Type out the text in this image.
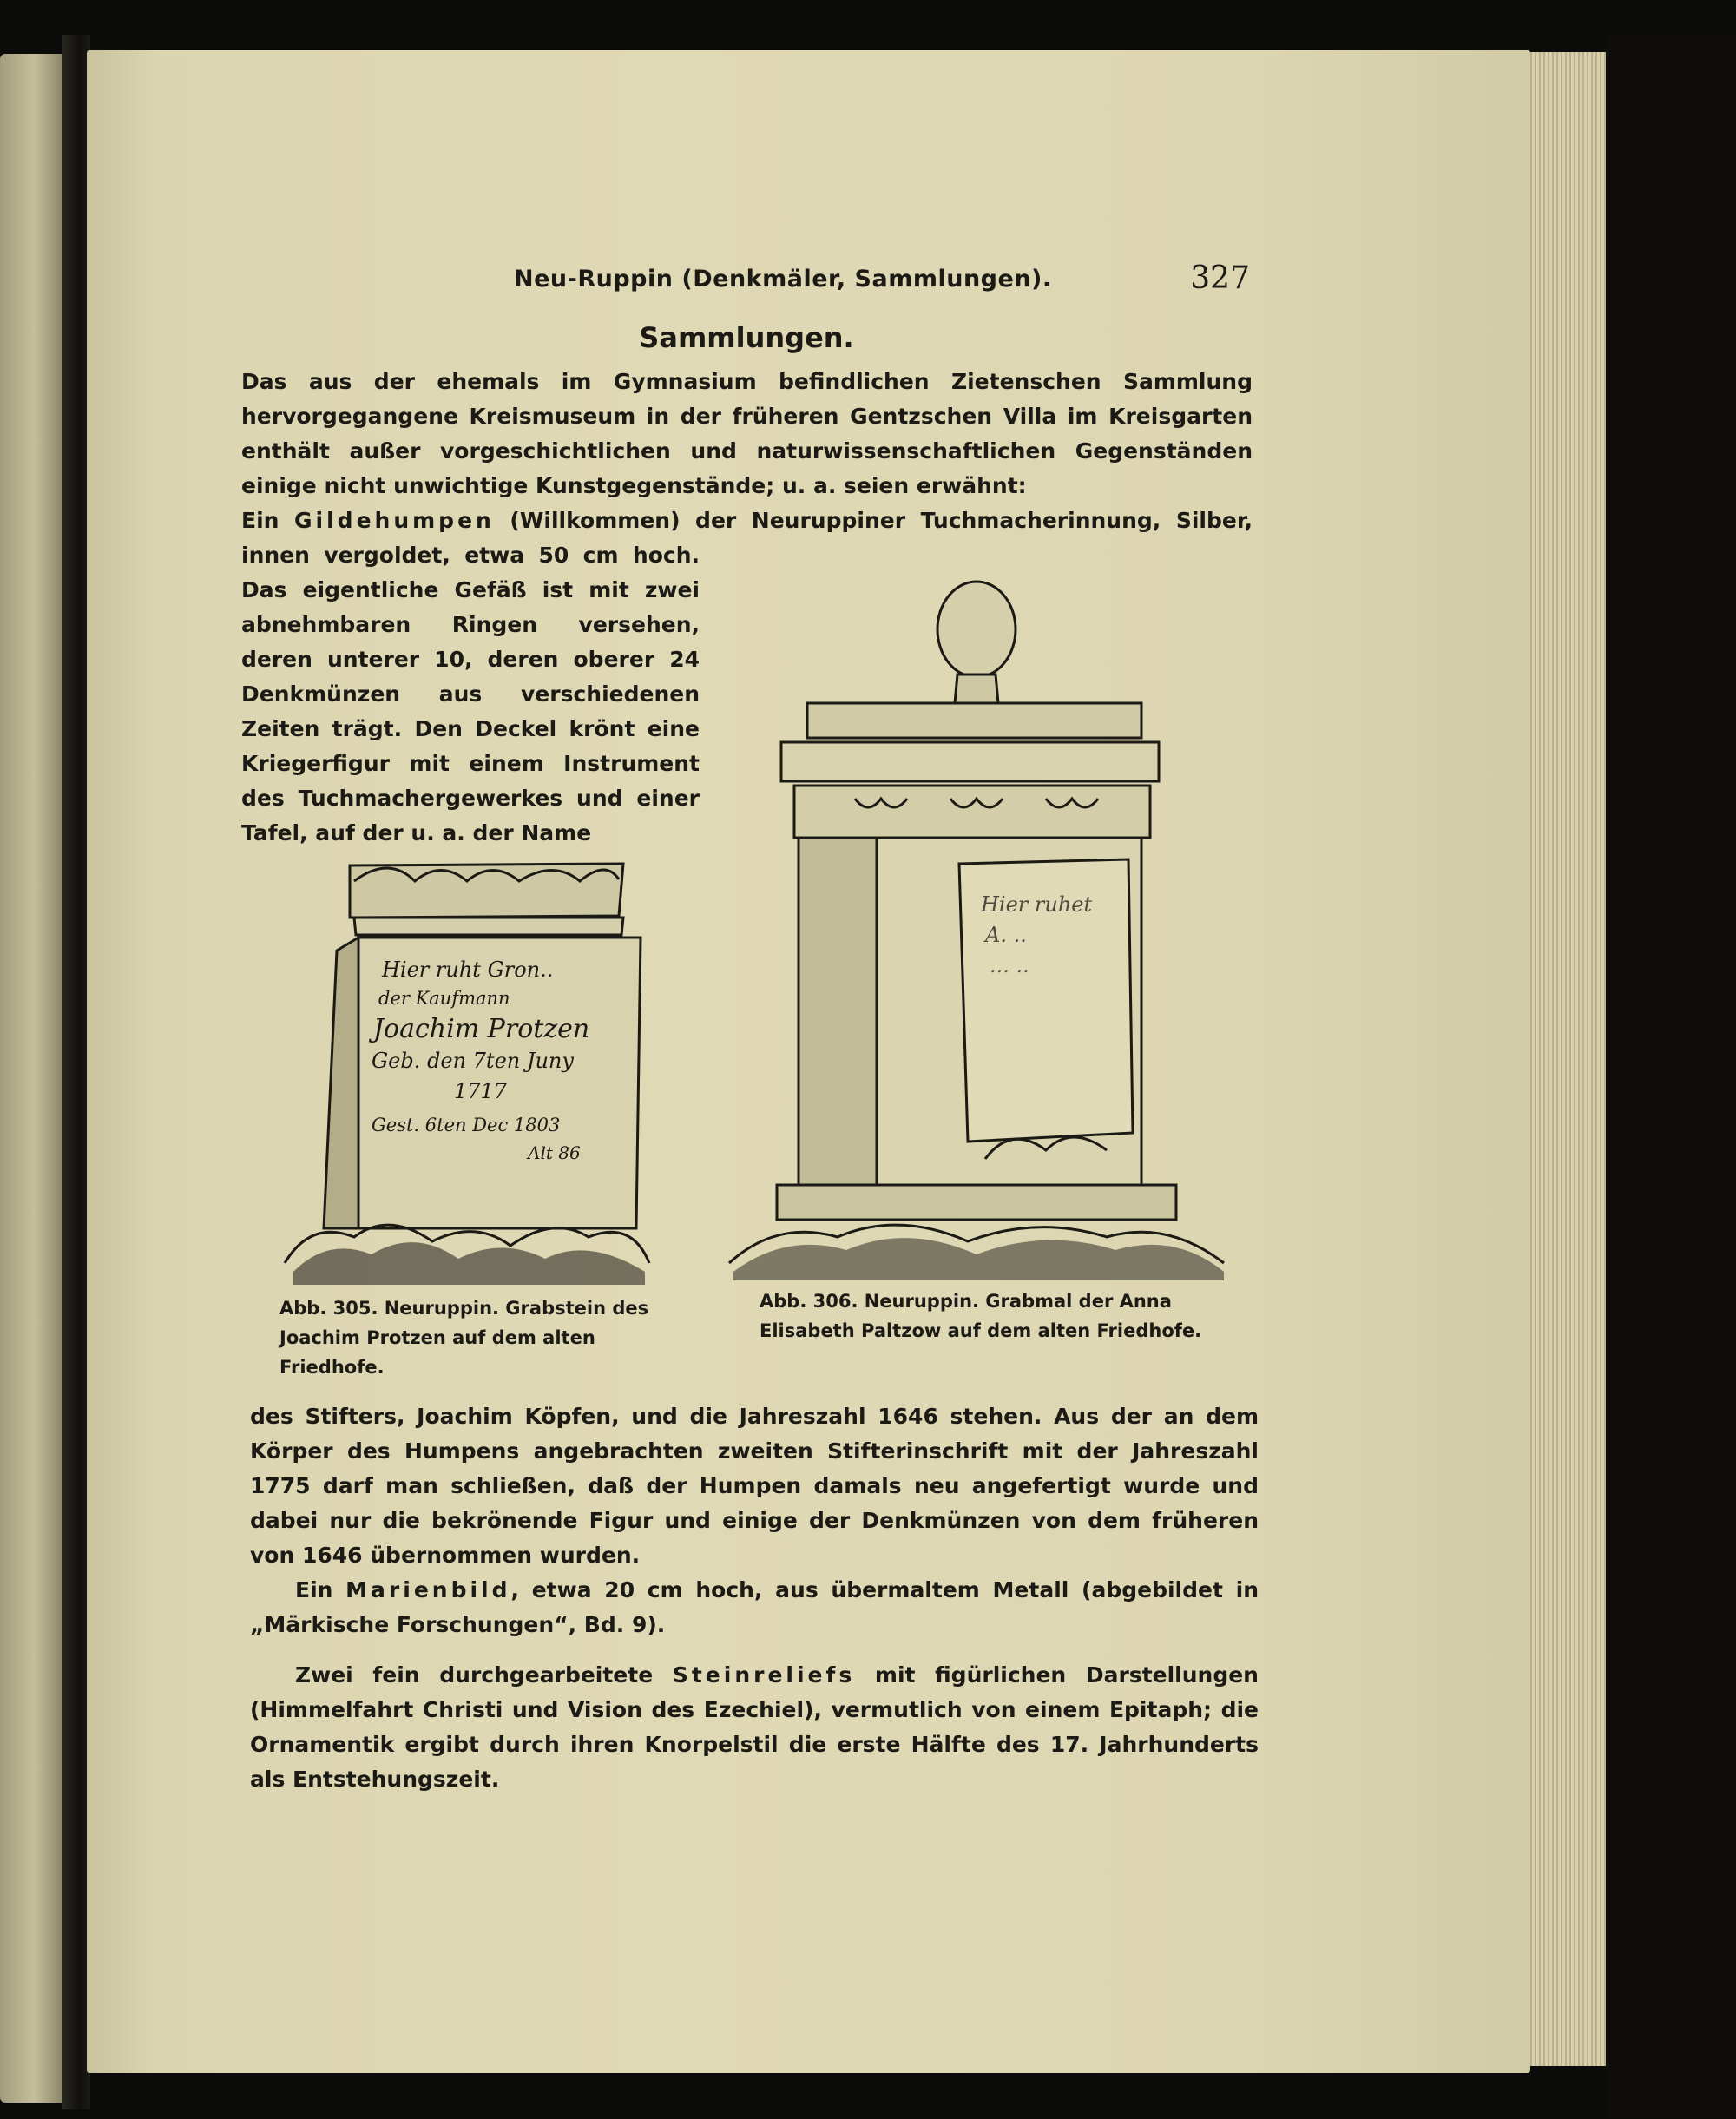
Neu-Ruppin (Denkmäler, Sammlungen).	327
Sammlungen.
Das aus der ehemals im Gymnasium befindlichen Zietenschen Sammlung hervorgegangene Kreismuseum in der früheren Gentzschen Villa im Kreisgarten enthält außer vorgeschichtlichen und naturwissenschaftlichen Gegenständen einige nicht unwichtige Kunstgegenstände; u. a. seien erwähnt:
Ein Gildehumpen (Willkommen) der Neuruppiner Tuchmacherinnung, Silber,
innen vergoldet, etwa 50 cm hoch. Das eigentliche Gefäß ist mit zwei abnehmbaren Ringen versehen, deren unterer 10, deren oberer 24 Denkmünzen aus verschiedenen Zeiten trägt. Den Deckel krönt eine Kriegerfigur mit einem Instrument des Tuchmachergewerkes und einer Tafel, auf der u. a. der Name
Hier ruht Gron..
der Kaufmann
Joachim Protzen
Geb. den 7ten Juny
1717
Gest. 6ten Dec 1803
Alt 86
Hier ruhet
A. ..
... ..
Abb. 305. Neuruppin. Grabstein des
Joachim Protzen auf dem alten Friedhofe.
Abb. 306. Neuruppin. Grabmal der Anna
Elisabeth Paltzow auf dem alten Friedhofe.
des Stifters, Joachim Köpfen, und die Jahreszahl 1646 stehen. Aus der an dem Körper des Humpens angebrachten zweiten Stifterinschrift mit der Jahreszahl 1775 darf man schließen, daß der Humpen damals neu angefertigt wurde und dabei nur die bekrönende Figur und einige der Denkmünzen von dem früheren von 1646 übernommen wurden.
Ein Marienbild, etwa 20 cm hoch, aus übermaltem Metall (abgebildet in „Märkische Forschungen“, Bd. 9).
Zwei fein durchgearbeitete Steinreliefs mit figürlichen Darstellungen (Himmelfahrt Christi und Vision des Ezechiel), vermutlich von einem Epitaph; die Ornamentik ergibt durch ihren Knorpelstil die erste Hälfte des 17. Jahrhunderts als Entstehungszeit.
